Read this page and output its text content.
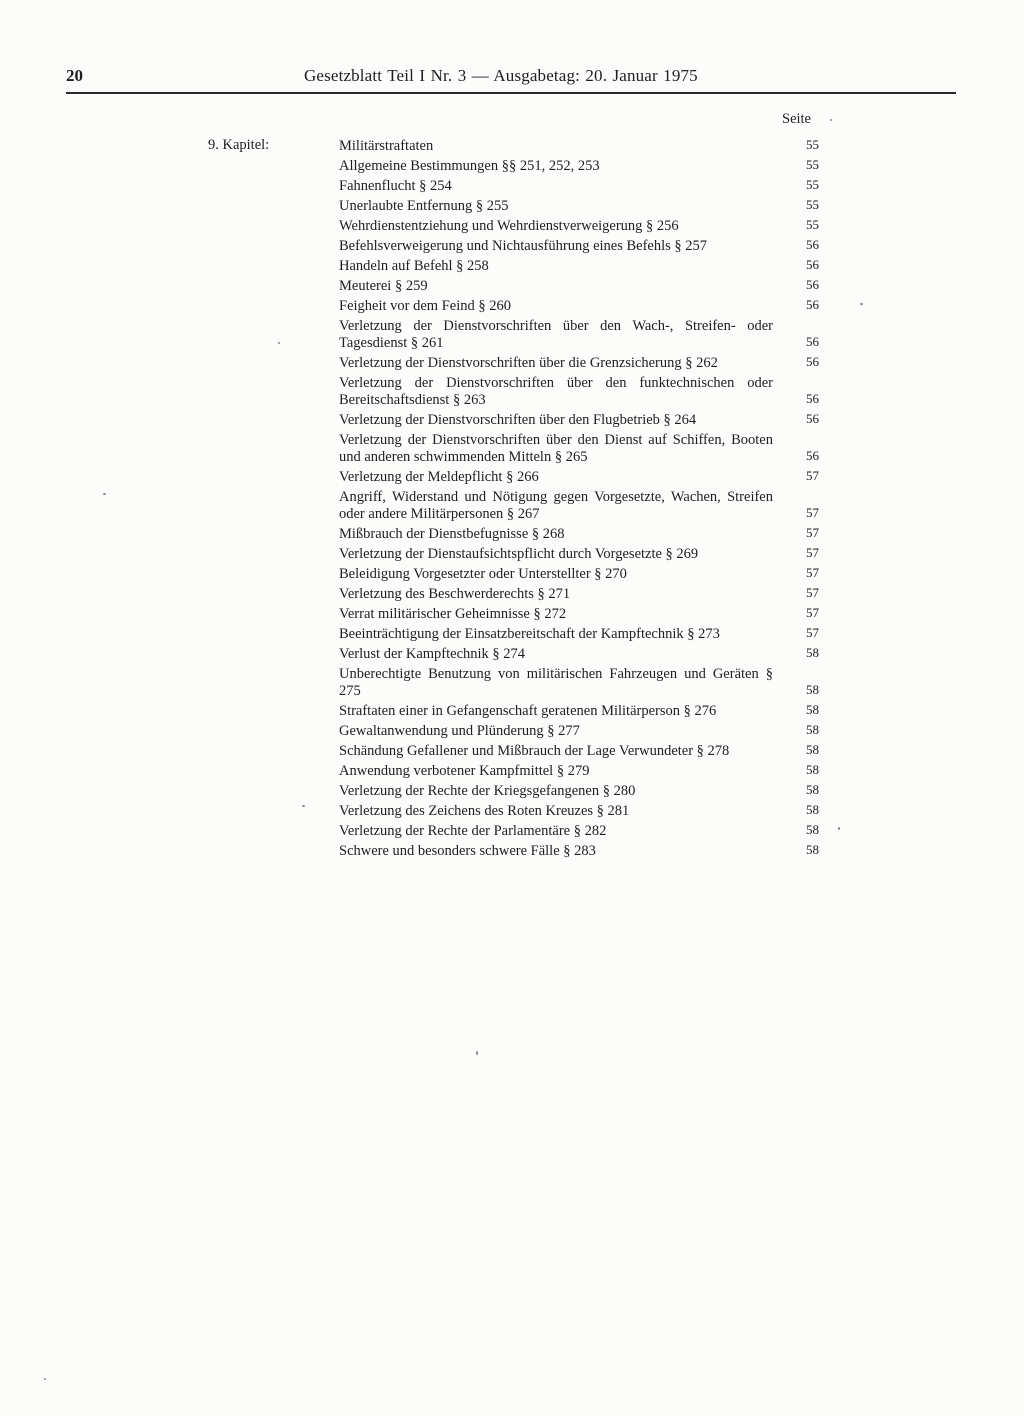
20	Gesetzblatt Teil I Nr. 3 — Ausgabetag: 20. Januar 1975
Seite
9. Kapitel:	Militärstraftaten	55
Allgemeine Bestimmungen §§ 251, 252, 253	55
Fahnenflucht § 254	55
Unerlaubte Entfernung § 255	55
Wehrdienstentziehung und Wehrdienstverweigerung § 256	55
Befehlsverweigerung und Nichtausführung eines Befehls § 257	56
Handeln auf Befehl § 258	56
Meuterei § 259	56
Feigheit vor dem Feind § 260	56
Verletzung der Dienstvorschriften über den Wach-, Streifen- oder Tagesdienst § 261	56
Verletzung der Dienstvorschriften über die Grenzsicherung § 262	56
Verletzung der Dienstvorschriften über den funktechnischen oder Bereitschaftsdienst § 263	56
Verletzung der Dienstvorschriften über den Flugbetrieb § 264	56
Verletzung der Dienstvorschriften über den Dienst auf Schiffen, Booten und anderen schwimmenden Mitteln § 265	56
Verletzung der Meldepflicht § 266	57
Angriff, Widerstand und Nötigung gegen Vorgesetzte, Wachen, Streifen oder andere Militärpersonen § 267	57
Mißbrauch der Dienstbefugnisse § 268	57
Verletzung der Dienstaufsichtspflicht durch Vorgesetzte § 269	57
Beleidigung Vorgesetzter oder Unterstellter § 270	57
Verletzung des Beschwerderechts § 271	57
Verrat militärischer Geheimnisse § 272	57
Beeinträchtigung der Einsatzbereitschaft der Kampftechnik § 273	57
Verlust der Kampftechnik § 274	58
Unberechtigte Benutzung von militärischen Fahrzeugen und Geräten § 275	58
Straftaten einer in Gefangenschaft geratenen Militärperson § 276	58
Gewaltanwendung und Plünderung § 277	58
Schändung Gefallener und Mißbrauch der Lage Verwundeter § 278	58
Anwendung verbotener Kampfmittel § 279	58
Verletzung der Rechte der Kriegsgefangenen § 280	58
Verletzung des Zeichens des Roten Kreuzes § 281	58
Verletzung der Rechte der Parlamentäre § 282	58
Schwere und besonders schwere Fälle § 283	58
